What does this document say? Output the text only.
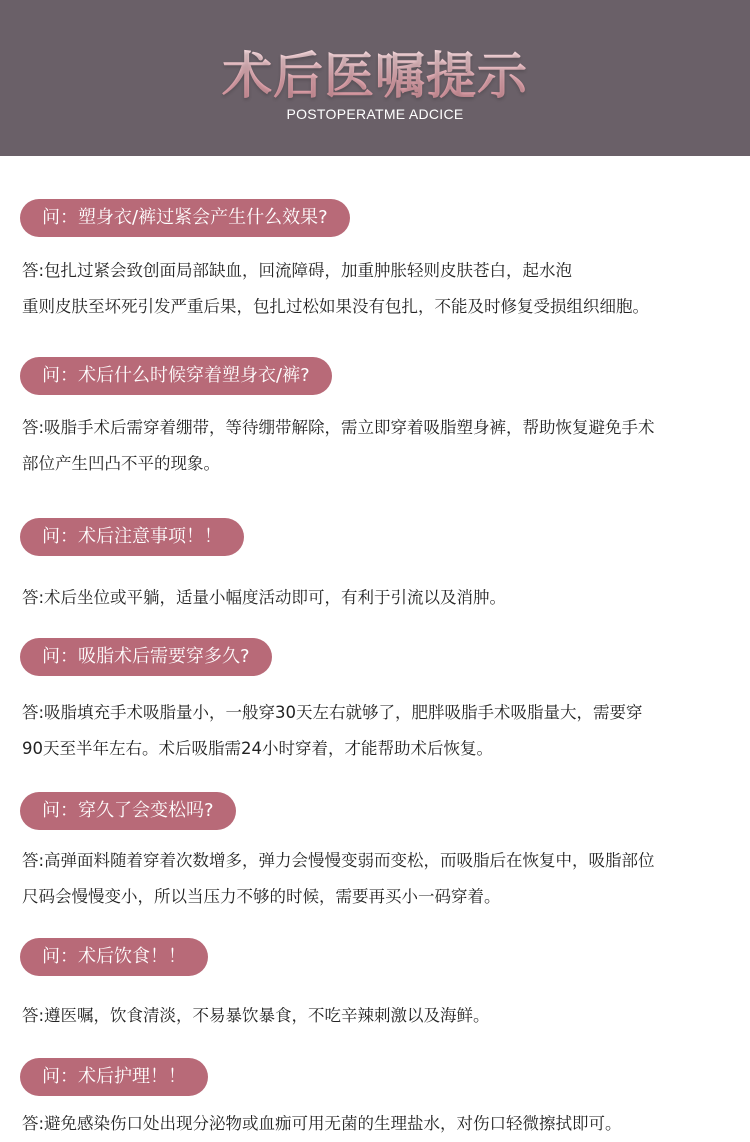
术后医嘱提示
POSTOPERATME ADCICE
问：塑身衣/裤过紧会产生什么效果?

答:包扎过紧会致创面局部缺血，回流障碍，加重肿胀轻则皮肤苍白，起水泡

重则皮肤至坏死引发严重后果，包扎过松如果没有包扎，不能及时修复受损组织细胞。

问：术后什么时候穿着塑身衣/裤?

答:吸脂手术后需穿着绷带，等待绷带解除，需立即穿着吸脂塑身裤，帮助恢复避免手术

部位产生凹凸不平的现象。

问：术后注意事项！！

答:术后坐位或平躺，适量小幅度活动即可，有利于引流以及消肿。

问：吸脂术后需要穿多久?

答:吸脂填充手术吸脂量小，一般穿30天左右就够了，肥胖吸脂手术吸脂量大，需要穿

90天至半年左右。术后吸脂需24小时穿着，才能帮助术后恢复。

问：穿久了会变松吗?

答:高弹面料随着穿着次数增多，弹力会慢慢变弱而变松，而吸脂后在恢复中，吸脂部位

尺码会慢慢变小，所以当压力不够的时候，需要再买小一码穿着。

问：术后饮食！！

答:遵医嘱，饮食清淡，不易暴饮暴食，不吃辛辣刺激以及海鲜。

问：术后护理！！

答:避免感染伤口处出现分泌物或血痂可用无菌的生理盐水，对伤口轻微擦拭即可。
